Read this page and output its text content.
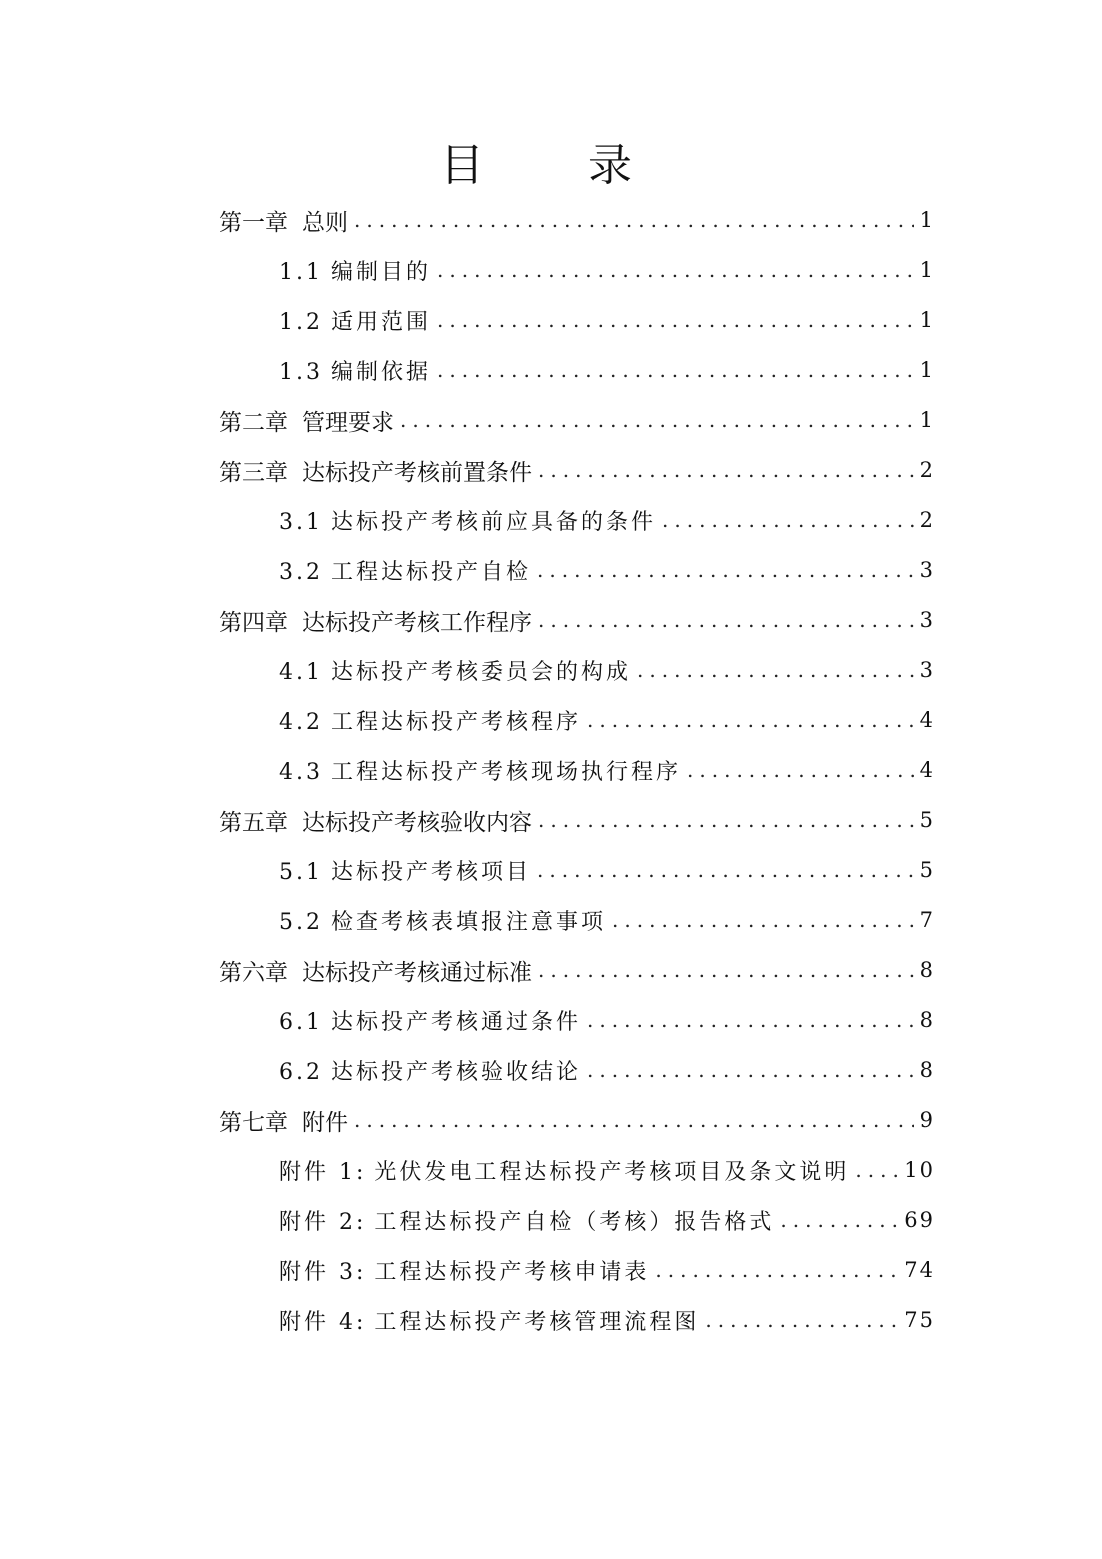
目　录
第一章 总则 .....	1
1.1 编制目的 .....	1
1.2 适用范围 .....	1
1.3 编制依据 .....	1
第二章 管理要求 .....	1
第三章 达标投产考核前置条件 .....	2
3.1 达标投产考核前应具备的条件 .....	2
3.2 工程达标投产自检 .....	3
第四章 达标投产考核工作程序 .....	3
4.1 达标投产考核委员会的构成 .....	3
4.2 工程达标投产考核程序 .....	4
4.3 工程达标投产考核现场执行程序 .....	4
第五章 达标投产考核验收内容 .....	5
5.1 达标投产考核项目 .....	5
5.2 检查考核表填报注意事项 .....	7
第六章 达标投产考核通过标准 .....	8
6.1 达标投产考核通过条件 .....	8
6.2 达标投产考核验收结论 .....	8
第七章 附件 .....	9
附件 1: 光伏发电工程达标投产考核项目及条文说明 .....	10
附件 2: 工程达标投产自检（考核）报告格式 .....	69
附件 3: 工程达标投产考核申请表 .....	74
附件 4: 工程达标投产考核管理流程图 .....	75
